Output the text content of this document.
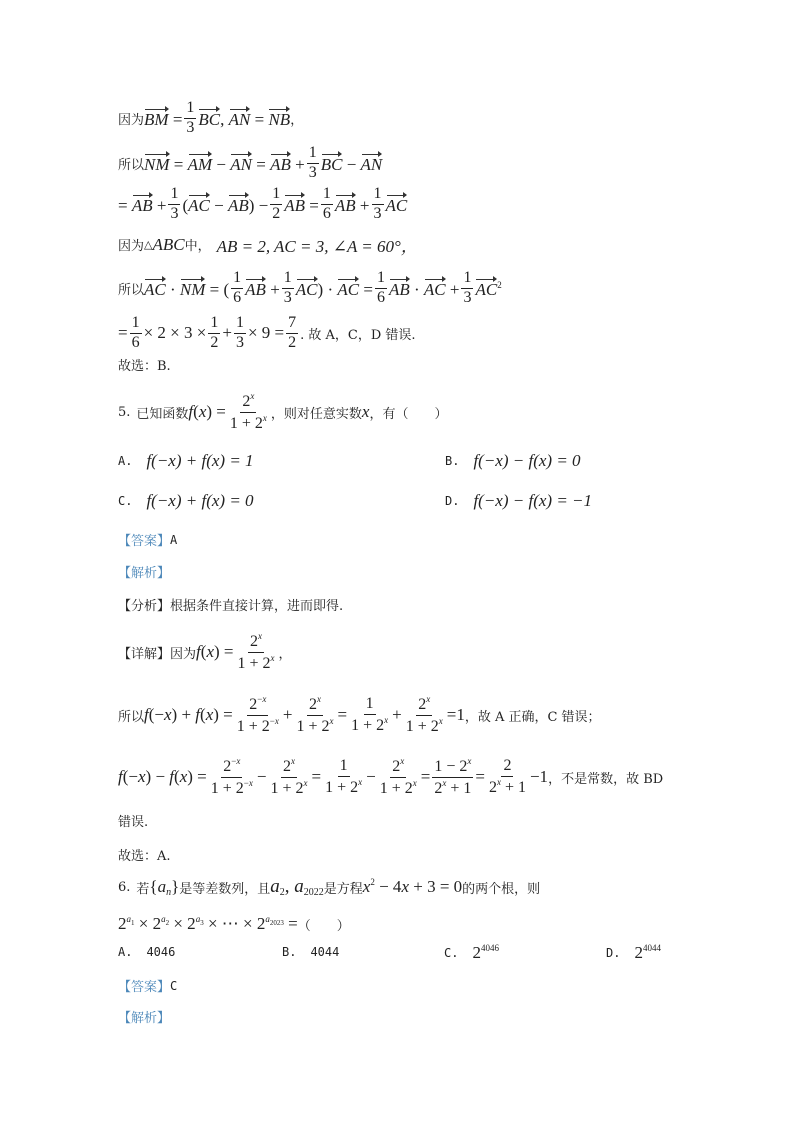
因为 BM = $\frac{1}{3}$ BC, AN = NB ，
所以 NM = AM − AN = AB + $\frac{1}{3}$ BC − AN
= AB + $\frac{1}{3} (AC - AB) - \frac{1}{2}$ AB = $\frac{1}{6}$ AB + $\frac{1}{3}$ AC
因为 △ ABC 中， AB = 2, AC = 3, ∠A = 60°，
所以 AC · NM = ( $\frac{1}{6}$ AB + $\frac{1}{3} AC$) · AC = $\frac{1}{6}$ AB · AC + $\frac{1}{3} AC^2$
= $\frac{1}{6} \times 2 \times 3 \times \frac{1}{2} + \frac{1}{3} \times 9 = \frac{7}{2}$ . 故 A，C，D 错误.
故选：B.
5. 已知函数 $f(x) = \frac{2^x}{1 + 2^x}$ ，则对任意实数 x ，有（　　）
A. f(−x) + f(x) = 1	B. f(−x) − f(x) = 0
C. f(−x) + f(x) = 0	D. f(−x) − f(x) = −1
【答案】 A
【解析】
【分析】 根据条件直接计算，进而即得.
【详解】 因为 $f(x) = \frac{2^x}{1 + 2^x}$ ，
所以 $f(-x) + f(x) = \frac{2^{-x}}{1 + 2^{-x}} + \frac{2^x}{1 + 2^x} = \frac{1}{1 + 2^x} + \frac{2^x}{1 + 2^x} =1$ ，故 A 正确，C 错误；
$f(-x) - f(x) = \frac{2^{-x}}{1 + 2^{-x}} - \frac{2^x}{1 + 2^x} = \frac{1}{1 + 2^x} - \frac{2^x}{1 + 2^x} = \frac{1 - 2^x}{2^x + 1} = \frac{2}{2^x + 1} -1$ ，不是常数，故 BD
错误.
故选：A.
6. 若 $\{a_n\}$ 是等差数列，且 $a_2$, $a_{2022}$ 是方程 $x^2 - 4x + 3 = 0$ 的两个根，则
$2^{a_1} \times 2^{a_2} \times 2^{a_3}$ × ⋯ × $2^{a_{2023}}$ = （　　）
A. 4046	B. 4044	C. $2^{4046}$	D. $2^{4044}$
【答案】 C
【解析】
